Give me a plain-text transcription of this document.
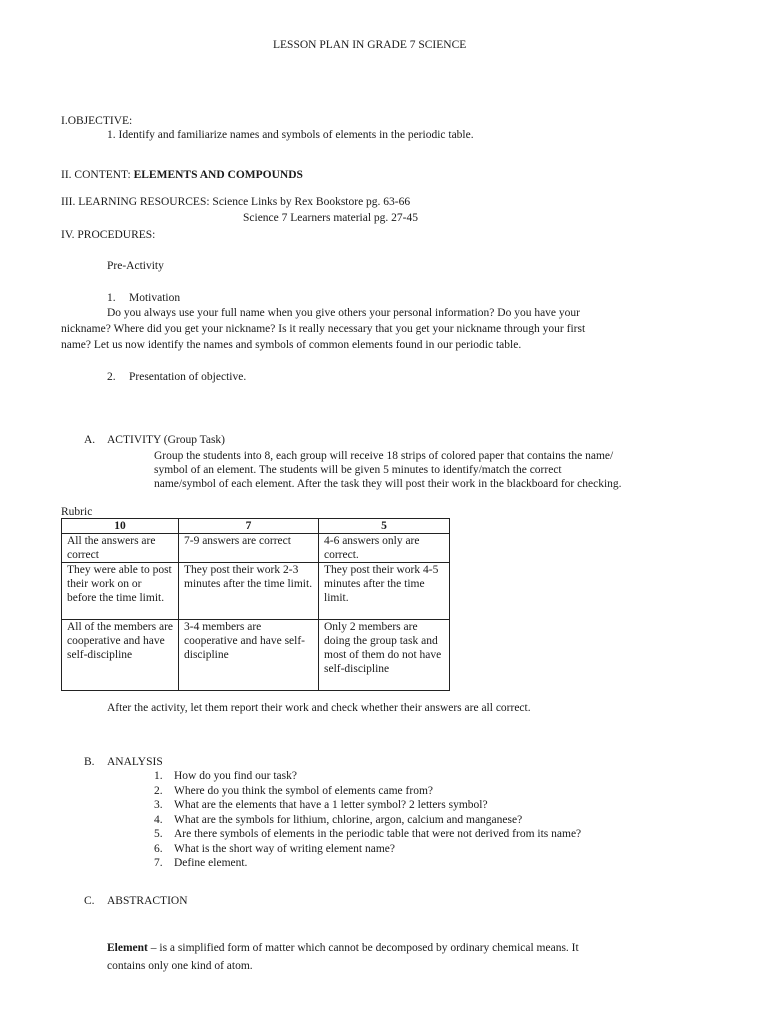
LESSON PLAN IN GRADE 7 SCIENCE
I.OBJECTIVE:
1. Identify and familiarize names and symbols of elements in the periodic table.
II. CONTENT: ELEMENTS AND COMPOUNDS
III. LEARNING RESOURCES: Science Links by Rex Bookstore pg. 63-66
Science 7 Learners material pg. 27-45
IV. PROCEDURES:
Pre-Activity
1. Motivation
Do you always use your full name when you give others your personal information? Do you have your
nickname? Where did you get your nickname? Is it really necessary that you get your nickname through your first
name? Let us now identify the names and symbols of common elements found in our periodic table.
2. Presentation of objective.
A. ACTIVITY (Group Task)
Group the students into 8, each group will receive 18 strips of colored paper that contains the name/
symbol of an element. The students will be given 5 minutes to identify/match the correct
name/symbol of each element. After the task they will post their work in the blackboard for checking.
Rubric
10	7	5
All the answers are correct	7-9 answers are correct	4-6 answers only are correct.
They were able to post their work on or before the time limit.	They post their work 2-3 minutes after the time limit.	They post their work 4-5 minutes after the time limit.
All of the members are cooperative and have self-discipline	3-4 members are cooperative and have self-discipline	Only 2 members are doing the group task and most of them do not have self-discipline
After the activity, let them report their work and check whether their answers are all correct.
B. ANALYSIS
1. How do you find our task?
2. Where do you think the symbol of elements came from?
3. What are the elements that have a 1 letter symbol? 2 letters symbol?
4. What are the symbols for lithium, chlorine, argon, calcium and manganese?
5. Are there symbols of elements in the periodic table that were not derived from its name?
6. What is the short way of writing element name?
7. Define element.
C. ABSTRACTION
Element – is a simplified form of matter which cannot be decomposed by ordinary chemical means. It
contains only one kind of atom.
